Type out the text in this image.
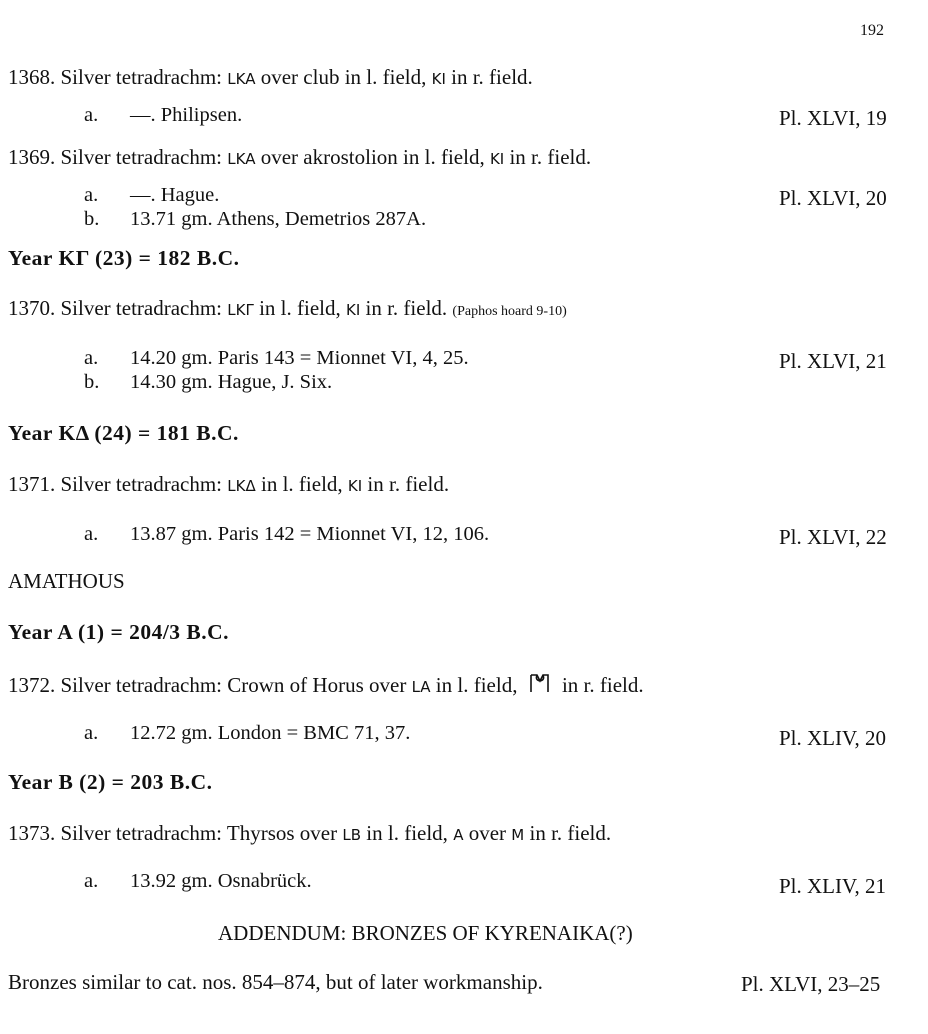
192
1368. Silver tetradrachm: LKA over club in l. field, KI in r. field.
a. —. Philipsen.	Pl. XLVI, 19
1369. Silver tetradrachm: LKA over akrostolion in l. field, KI in r. field.
a. —. Hague.	Pl. XLVI, 20
b. 13.71 gm. Athens, Demetrios 287A.
Year KΓ (23) = 182 B.C.
1370. Silver tetradrachm: LKΓ in l. field, KI in r. field. (Paphos hoard 9-10)
a. 14.20 gm. Paris 143 = Mionnet VI, 4, 25.	Pl. XLVI, 21
b. 14.30 gm. Hague, J. Six.
Year KΔ (24) = 181 B.C.
1371. Silver tetradrachm: LKΔ in l. field, KI in r. field.
a. 13.87 gm. Paris 142 = Mionnet VI, 12, 106.	Pl. XLVI, 22
AMATHOUS
Year A (1) = 204/3 B.C.
1372. Silver tetradrachm: Crown of Horus over LA in l. field, in r. field.
a. 12.72 gm. London = BMC 71, 37.	Pl. XLIV, 20
Year B (2) = 203 B.C.
1373. Silver tetradrachm: Thyrsos over LB in l. field, A over M in r. field.
a. 13.92 gm. Osnabrück.	Pl. XLIV, 21
ADDENDUM: BRONZES OF KYRENAIKA(?)
Bronzes similar to cat. nos. 854–874, but of later workmanship.	Pl. XLVI, 23–25
